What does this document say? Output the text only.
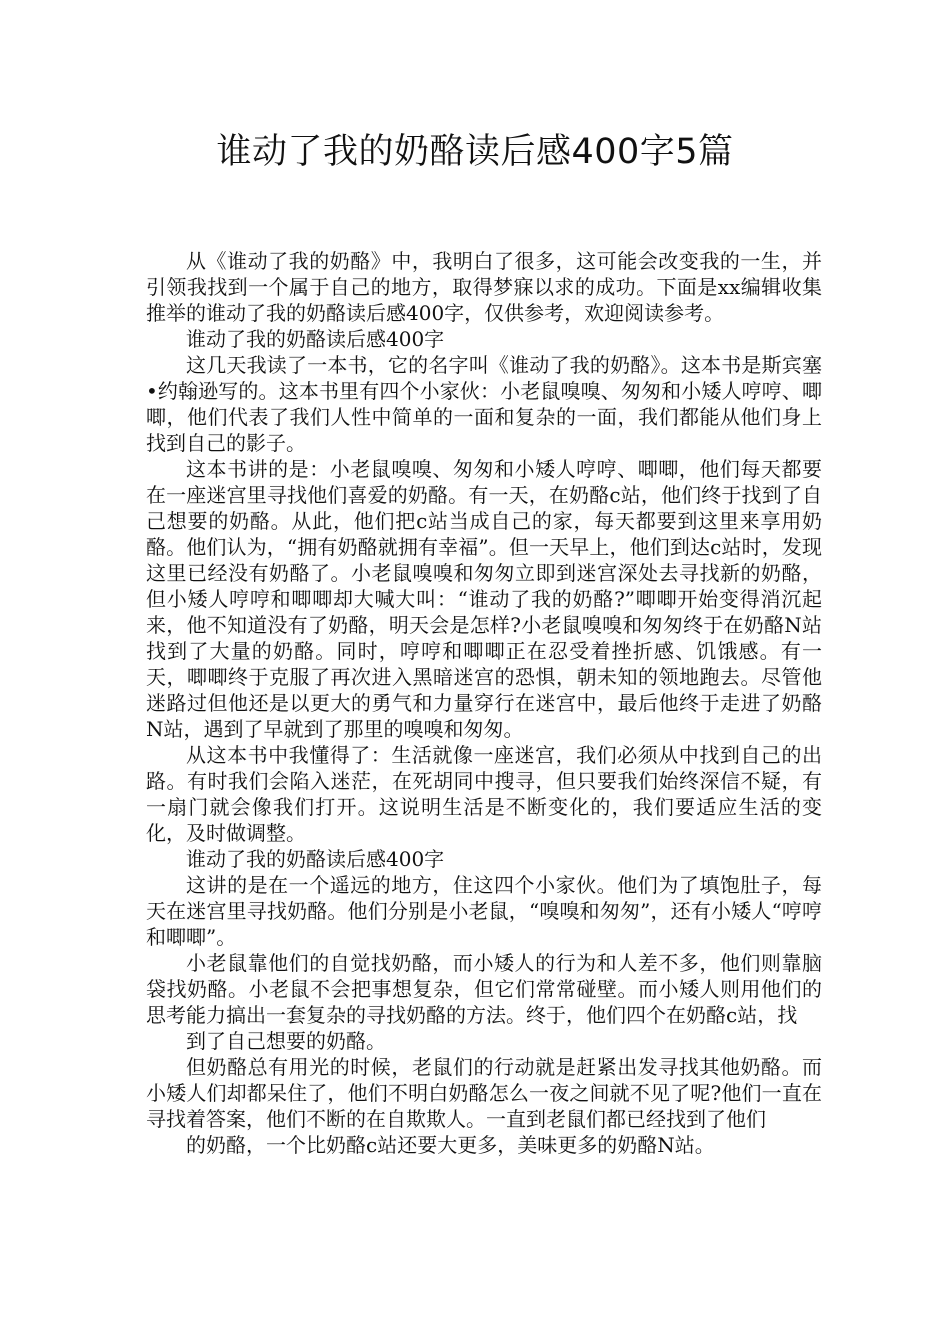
谁动了我的奶酪读后感400字5篇

从《谁动了我的奶酪》中，我明白了很多，这可能会改变我的一生，并引领我找到一个属于自己的地方，取得梦寐以求的成功。下面是xx编辑收集推举的谁动了我的奶酪读后感400字，仅供参考，欢迎阅读参考。

谁动了我的奶酪读后感400字

这几天我读了一本书，它的名字叫《谁动了我的奶酪》。这本书是斯宾塞•约翰逊写的。这本书里有四个小家伙：小老鼠嗅嗅、匆匆和小矮人哼哼、唧唧，他们代表了我们人性中简单的一面和复杂的一面，我们都能从他们身上找到自己的影子。

这本书讲的是：小老鼠嗅嗅、匆匆和小矮人哼哼、唧唧，他们每天都要在一座迷宫里寻找他们喜爱的奶酪。有一天，在奶酪c站，他们终于找到了自己想要的奶酪。从此，他们把c站当成自己的家，每天都要到这里来享用奶酪。他们认为，“拥有奶酪就拥有幸福”。但一天早上，他们到达c站时，发现这里已经没有奶酪了。小老鼠嗅嗅和匆匆立即到迷宫深处去寻找新的奶酪，但小矮人哼哼和唧唧却大喊大叫：“谁动了我的奶酪?”唧唧开始变得消沉起来，他不知道没有了奶酪，明天会是怎样?小老鼠嗅嗅和匆匆终于在奶酪N站找到了大量的奶酪。同时，哼哼和唧唧正在忍受着挫折感、饥饿感。有一天，唧唧终于克服了再次进入黑暗迷宫的恐惧，朝未知的领地跑去。尽管他迷路过但他还是以更大的勇气和力量穿行在迷宫中，最后他终于走进了奶酪N站，遇到了早就到了那里的嗅嗅和匆匆。

从这本书中我懂得了：生活就像一座迷宫，我们必须从中找到自己的出路。有时我们会陷入迷茫，在死胡同中搜寻，但只要我们始终深信不疑，有一扇门就会像我们打开。这说明生活是不断变化的，我们要适应生活的变化，及时做调整。

谁动了我的奶酪读后感400字

这讲的是在一个遥远的地方，住这四个小家伙。他们为了填饱肚子，每天在迷宫里寻找奶酪。他们分别是小老鼠，“嗅嗅和匆匆”，还有小矮人“哼哼和唧唧”。

小老鼠靠他们的自觉找奶酪，而小矮人的行为和人差不多，他们则靠脑袋找奶酪。小老鼠不会把事想复杂，但它们常常碰壁。而小矮人则用他们的思考能力搞出一套复杂的寻找奶酪的方法。终于，他们四个在奶酪c站，找

到了自己想要的奶酪。

但奶酪总有用光的时候，老鼠们的行动就是赶紧出发寻找其他奶酪。而小矮人们却都呆住了，他们不明白奶酪怎么一夜之间就不见了呢?他们一直在寻找着答案，他们不断的在自欺欺人。一直到老鼠们都已经找到了他们

的奶酪，一个比奶酪c站还要大更多，美味更多的奶酪N站。
